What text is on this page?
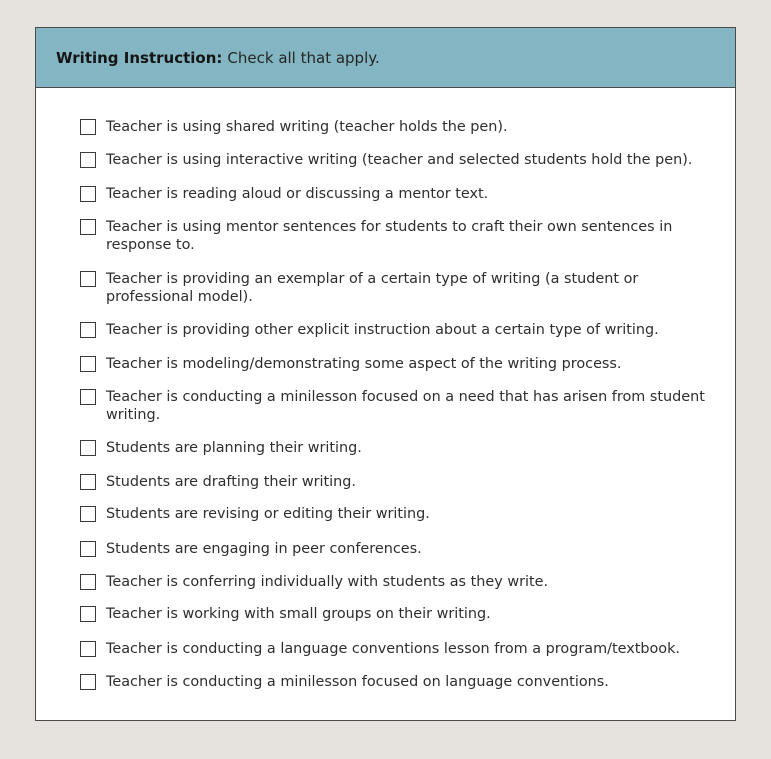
Writing Instruction: Check all that apply.
Teacher is using shared writing (teacher holds the pen).
Teacher is using interactive writing (teacher and selected students hold the pen).
Teacher is reading aloud or discussing a mentor text.
Teacher is using mentor sentences for students to craft their own sentences in response to.
Teacher is providing an exemplar of a certain type of writing (a student or professional model).
Teacher is providing other explicit instruction about a certain type of writing.
Teacher is modeling/demonstrating some aspect of the writing process.
Teacher is conducting a minilesson focused on a need that has arisen from student writing.
Students are planning their writing.
Students are drafting their writing.
Students are revising or editing their writing.
Students are engaging in peer conferences.
Teacher is conferring individually with students as they write.
Teacher is working with small groups on their writing.
Teacher is conducting a language conventions lesson from a program/textbook.
Teacher is conducting a minilesson focused on language conventions.
